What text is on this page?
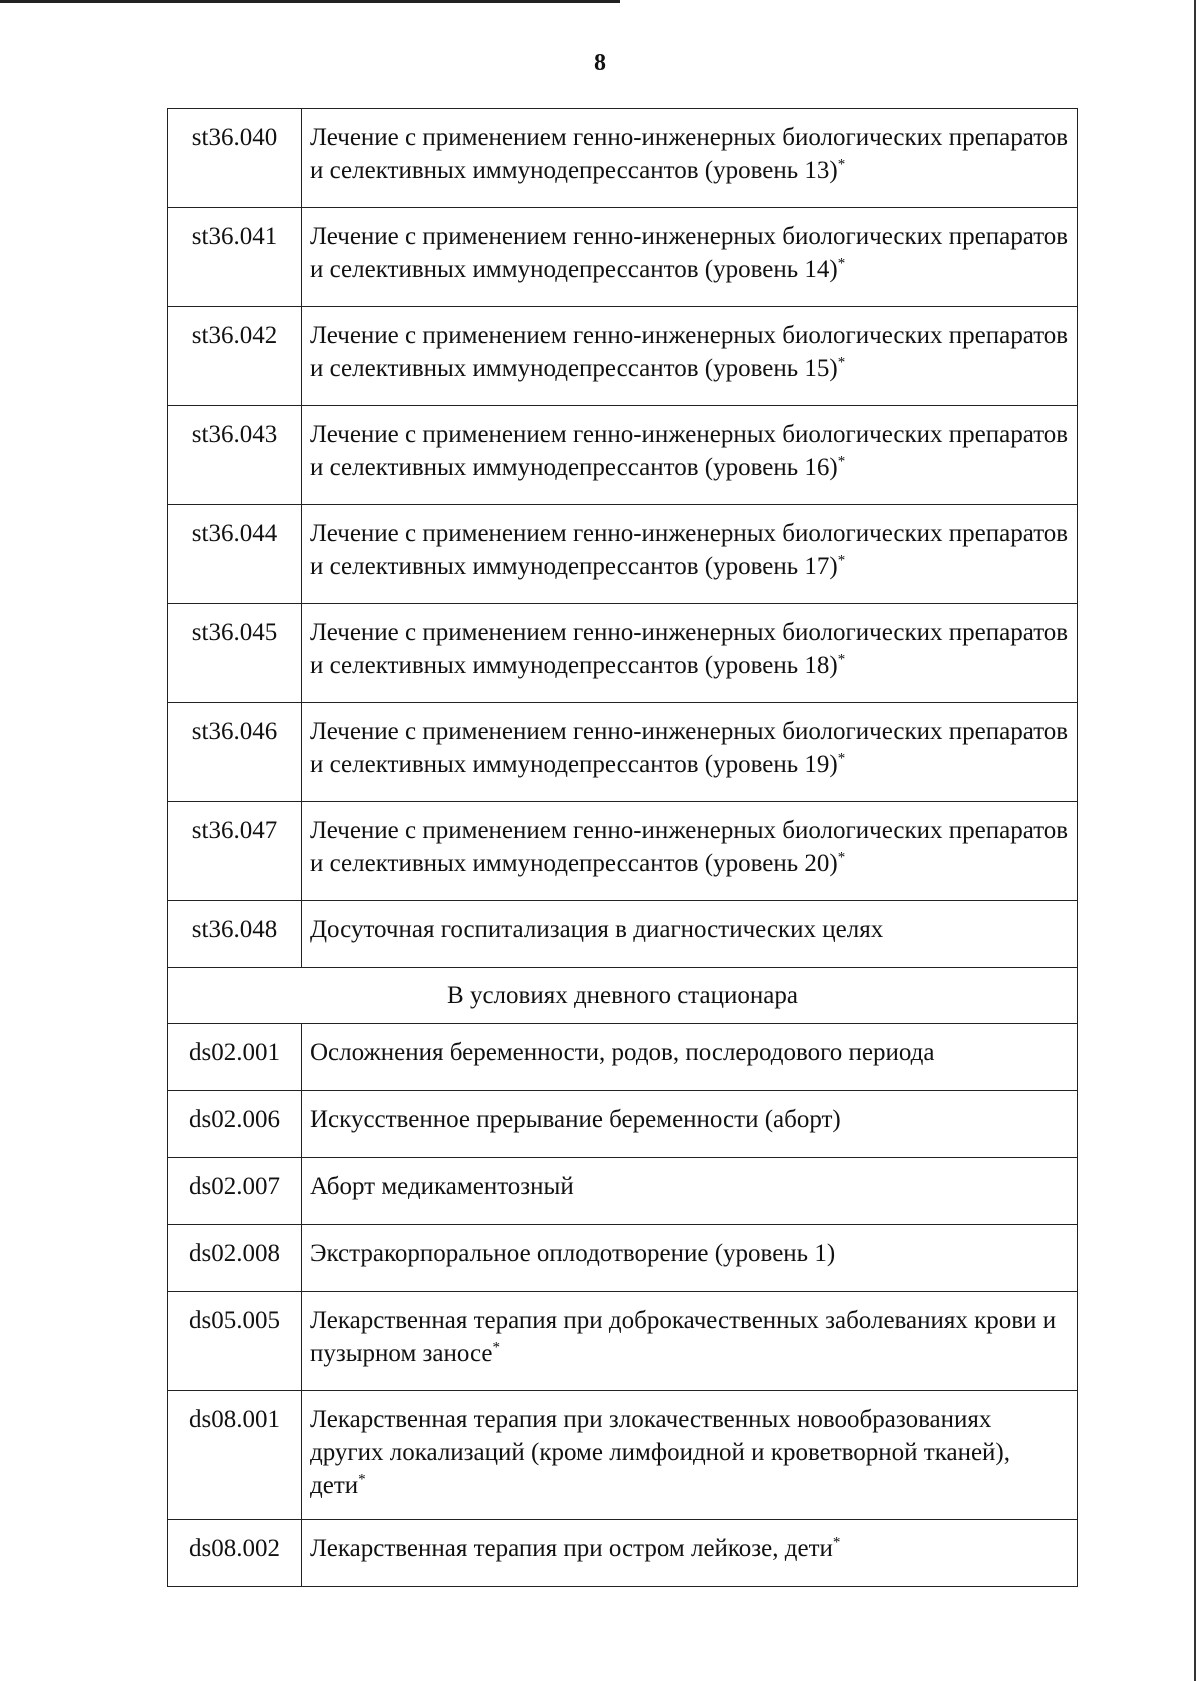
8
st36.040	Лечение с применением генно-инженерных биологических препаратов и селективных иммунодепрессантов (уровень 13)*
st36.041	Лечение с применением генно-инженерных биологических препаратов и селективных иммунодепрессантов (уровень 14)*
st36.042	Лечение с применением генно-инженерных биологических препаратов и селективных иммунодепрессантов (уровень 15)*
st36.043	Лечение с применением генно-инженерных биологических препаратов и селективных иммунодепрессантов (уровень 16)*
st36.044	Лечение с применением генно-инженерных биологических препаратов и селективных иммунодепрессантов (уровень 17)*
st36.045	Лечение с применением генно-инженерных биологических препаратов и селективных иммунодепрессантов (уровень 18)*
st36.046	Лечение с применением генно-инженерных биологических препаратов и селективных иммунодепрессантов (уровень 19)*
st36.047	Лечение с применением генно-инженерных биологических препаратов и селективных иммунодепрессантов (уровень 20)*
st36.048	Досуточная госпитализация в диагностических целях
В условиях дневного стационара	
ds02.001	Осложнения беременности, родов, послеродового периода
ds02.006	Искусственное прерывание беременности (аборт)
ds02.007	Аборт медикаментозный
ds02.008	Экстракорпоральное оплодотворение (уровень 1)
ds05.005	Лекарственная терапия при доброкачественных заболеваниях крови и пузырном заносе*
ds08.001	Лекарственная терапия при злокачественных новообразованиях других локализаций (кроме лимфоидной и кроветворной тканей), дети*
ds08.002	Лекарственная терапия при остром лейкозе, дети*
